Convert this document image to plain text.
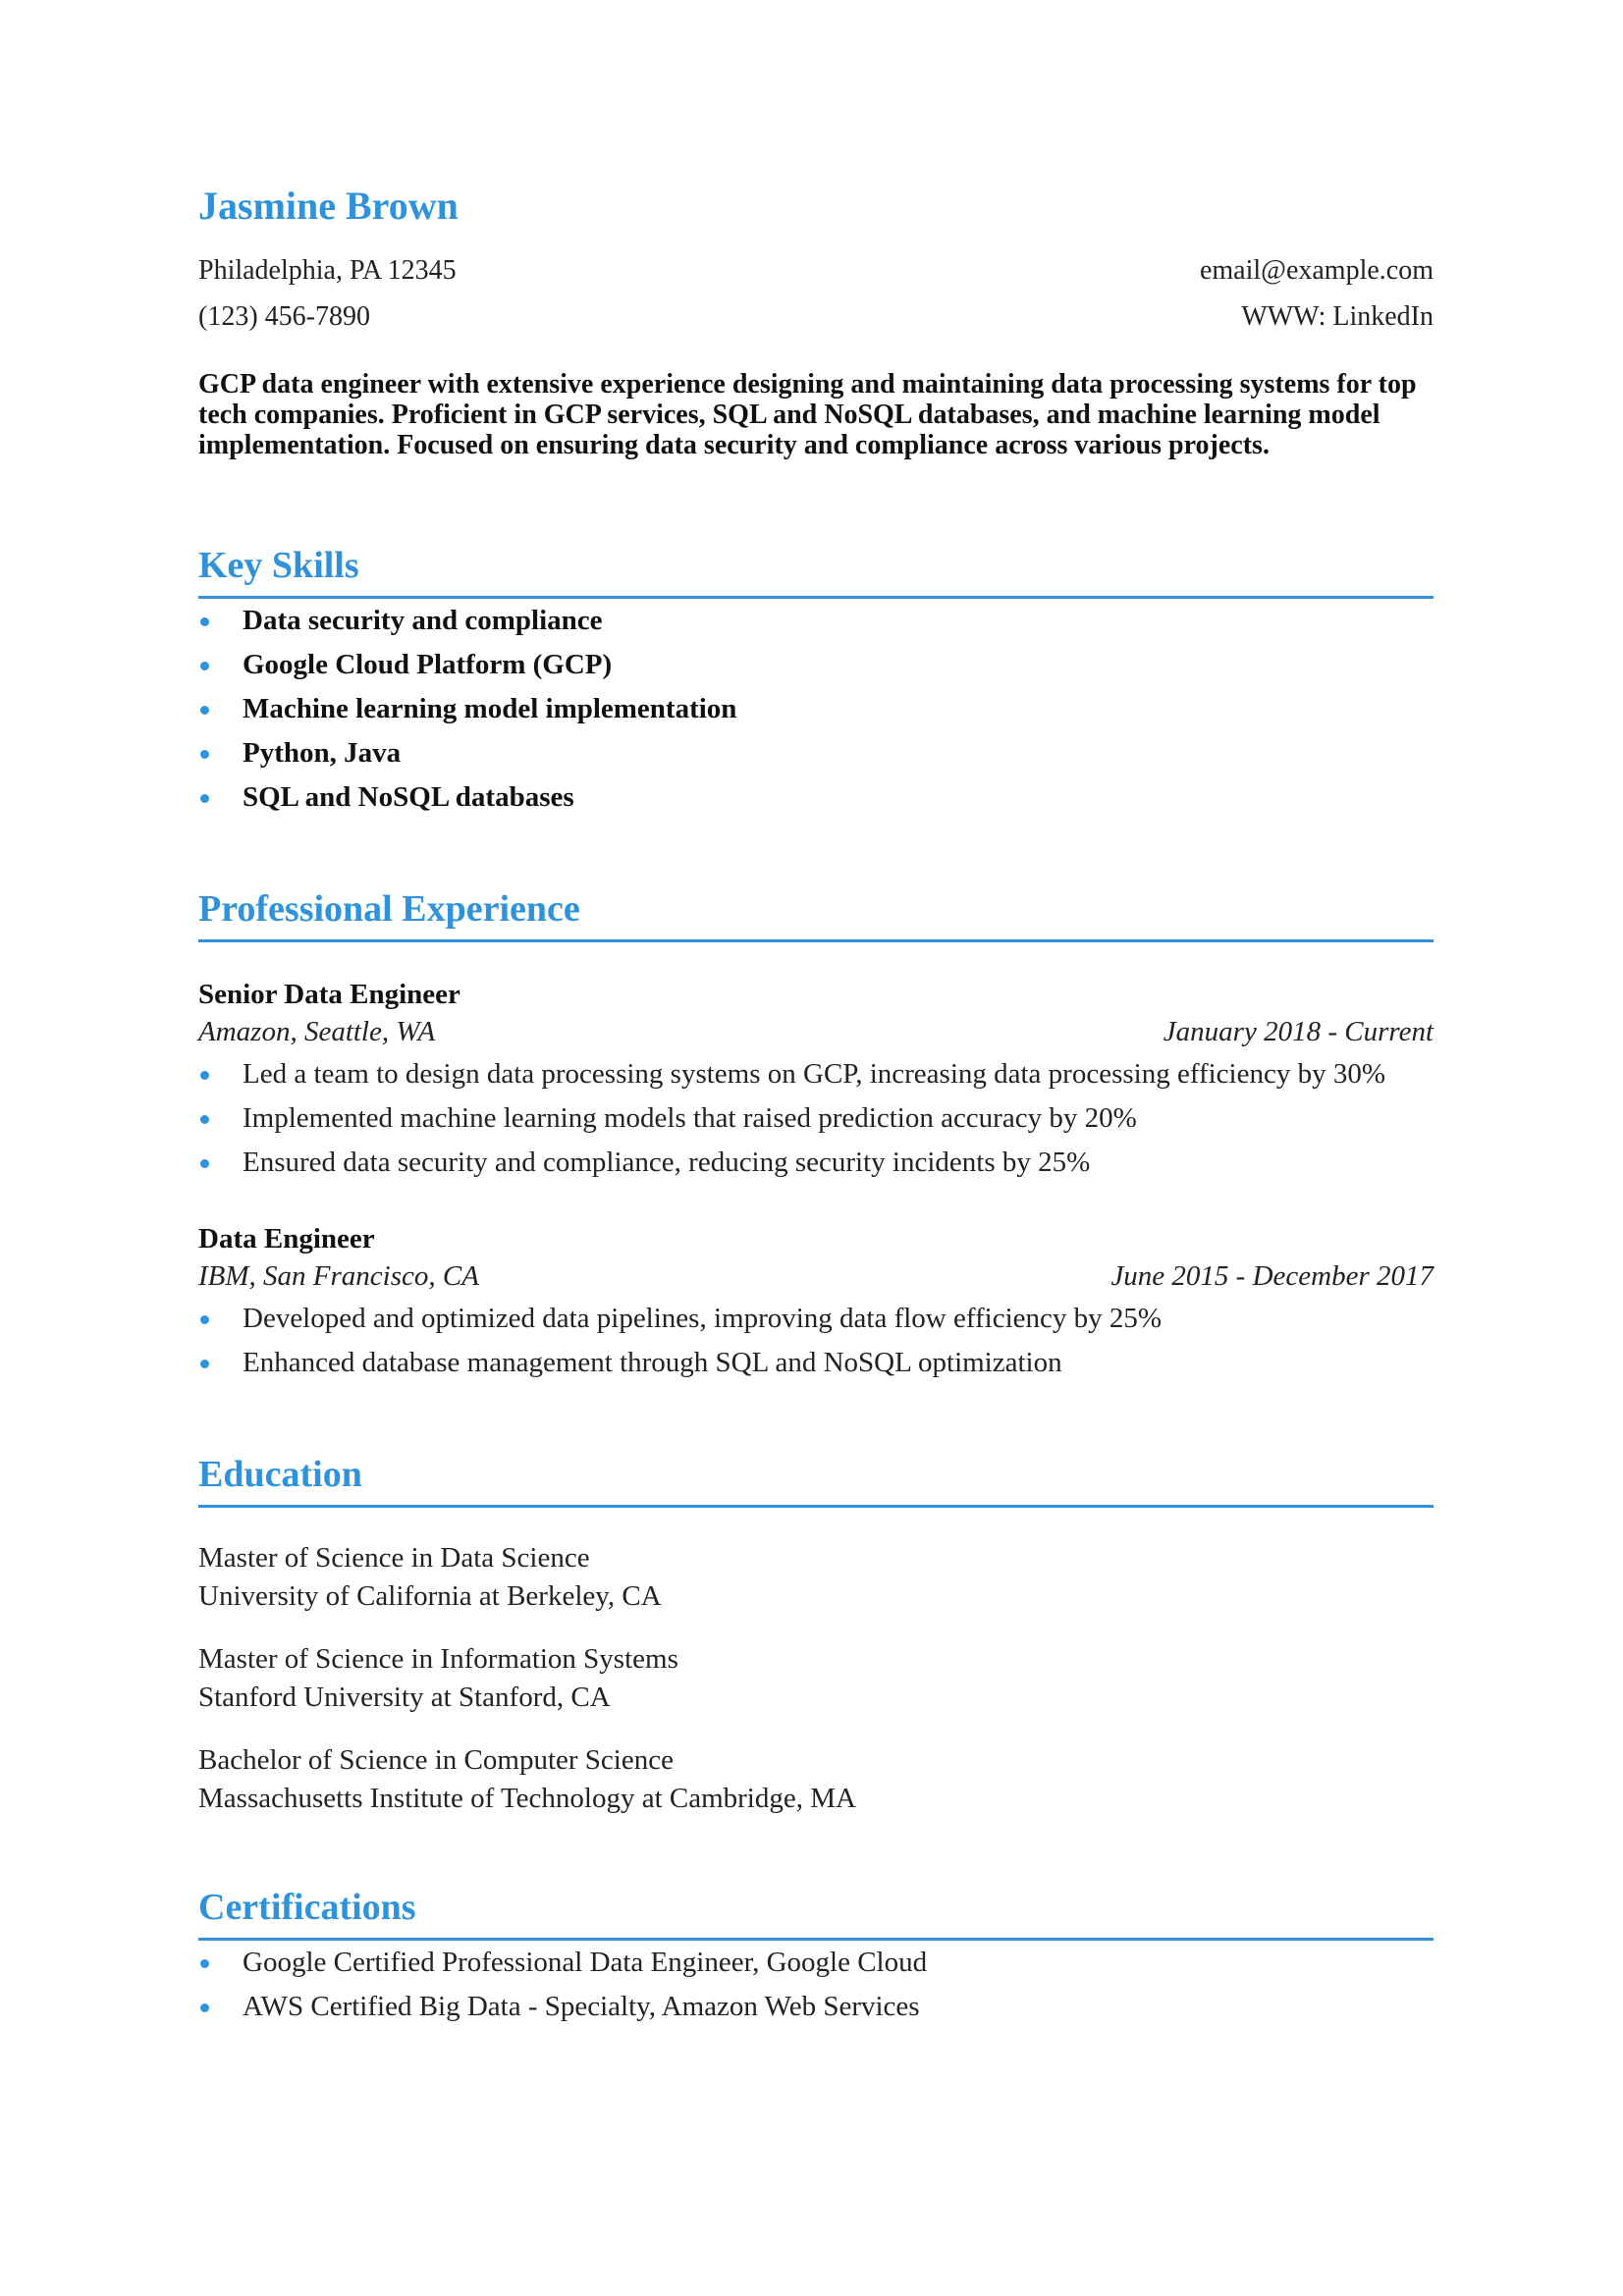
Jasmine Brown
Philadelphia, PA 12345	email@example.com
(123) 456-7890	WWW: LinkedIn
GCP data engineer with extensive experience designing and maintaining data processing systems for top tech companies. Proficient in GCP services, SQL and NoSQL databases, and machine learning model implementation. Focused on ensuring data security and compliance across various projects.
Key Skills
Data security and compliance
Google Cloud Platform (GCP)
Machine learning model implementation
Python, Java
SQL and NoSQL databases
Professional Experience
Senior Data Engineer
Amazon, Seattle, WA	January 2018 - Current
Led a team to design data processing systems on GCP, increasing data processing efficiency by 30%
Implemented machine learning models that raised prediction accuracy by 20%
Ensured data security and compliance, reducing security incidents by 25%
Data Engineer
IBM, San Francisco, CA	June 2015 - December 2017
Developed and optimized data pipelines, improving data flow efficiency by 25%
Enhanced database management through SQL and NoSQL optimization
Education
Master of Science in Data Science
University of California at Berkeley, CA
Master of Science in Information Systems
Stanford University at Stanford, CA
Bachelor of Science in Computer Science
Massachusetts Institute of Technology at Cambridge, MA
Certifications
Google Certified Professional Data Engineer, Google Cloud
AWS Certified Big Data - Specialty, Amazon Web Services
